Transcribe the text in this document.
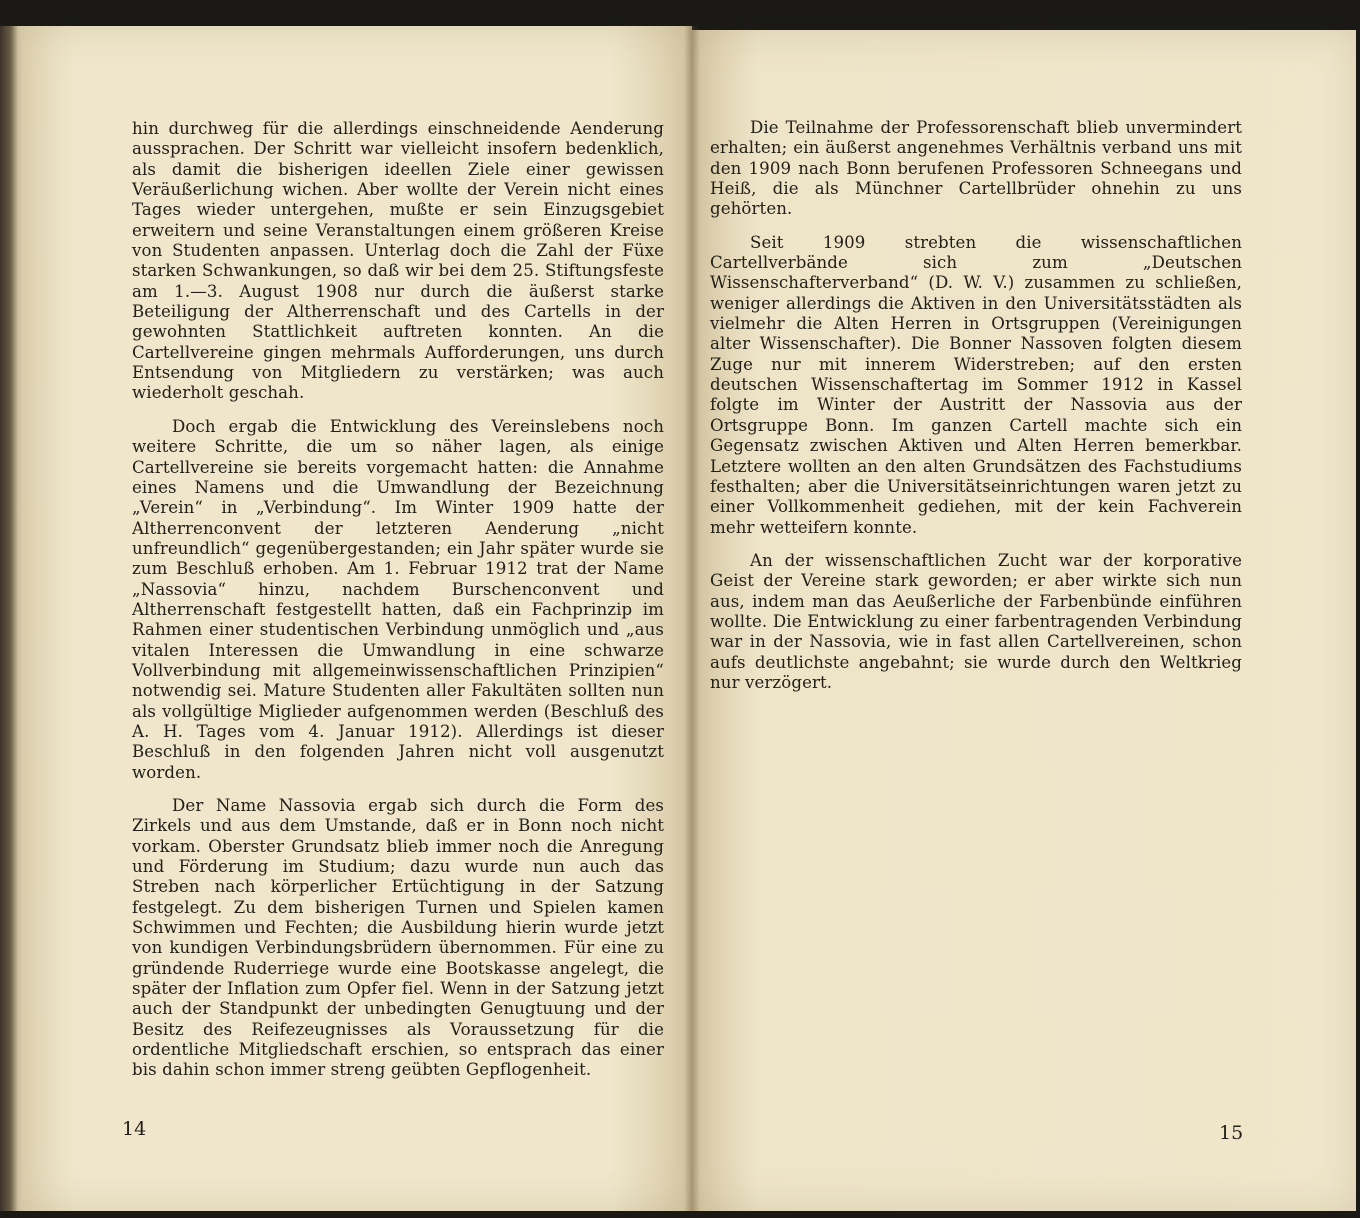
hin durchweg für die allerdings einschneidende Aenderung aussprachen. Der Schritt war vielleicht insofern bedenklich, als damit die bisherigen ideellen Ziele einer gewissen Veräußerlichung wichen. Aber wollte der Verein nicht eines Tages wieder untergehen, mußte er sein Einzugsgebiet erweitern und seine Veranstaltungen einem größeren Kreise von Studenten anpassen. Unterlag doch die Zahl der Füxe starken Schwankungen, so daß wir bei dem 25. Stiftungsfeste am 1.—3. August 1908 nur durch die äußerst starke Beteiligung der Altherrenschaft und des Cartells in der gewohnten Stattlichkeit auftreten konnten. An die Cartellvereine gingen mehrmals Aufforderungen, uns durch Entsendung von Mitgliedern zu verstärken; was auch wiederholt geschah.

Doch ergab die Entwicklung des Vereinslebens noch weitere Schritte, die um so näher lagen, als einige Cartellvereine sie bereits vorgemacht hatten: die Annahme eines Namens und die Umwandlung der Bezeichnung „Verein“ in „Verbindung“. Im Winter 1909 hatte der Altherrenconvent der letzteren Aenderung „nicht unfreundlich“ gegenübergestanden; ein Jahr später wurde sie zum Beschluß erhoben. Am 1. Februar 1912 trat der Name „Nassovia“ hinzu, nachdem Burschenconvent und Altherrenschaft festgestellt hatten, daß ein Fachprinzip im Rahmen einer studentischen Verbindung unmöglich und „aus vitalen Interessen die Umwandlung in eine schwarze Vollverbindung mit allgemeinwissenschaftlichen Prinzipien“ notwendig sei. Mature Studenten aller Fakultäten sollten nun als vollgültige Miglieder aufgenommen werden (Beschluß des A. H. Tages vom 4. Januar 1912). Allerdings ist dieser Beschluß in den folgenden Jahren nicht voll ausgenutzt worden.

Der Name Nassovia ergab sich durch die Form des Zirkels und aus dem Umstande, daß er in Bonn noch nicht vorkam. Oberster Grundsatz blieb immer noch die Anregung und Förderung im Studium; dazu wurde nun auch das Streben nach körperlicher Ertüchtigung in der Satzung festgelegt. Zu dem bisherigen Turnen und Spielen kamen Schwimmen und Fechten; die Ausbildung hierin wurde jetzt von kundigen Verbindungsbrüdern übernommen. Für eine zu gründende Ruderriege wurde eine Bootskasse angelegt, die später der Inflation zum Opfer fiel. Wenn in der Satzung jetzt auch der Standpunkt der unbedingten Genugtuung und der Besitz des Reifezeugnisses als Voraussetzung für die ordentliche Mitgliedschaft erschien, so entsprach das einer bis dahin schon immer streng geübten Gepflogenheit.

14

Die Teilnahme der Professorenschaft blieb unvermindert erhalten; ein äußerst angenehmes Verhältnis verband uns mit den 1909 nach Bonn berufenen Professoren Schneegans und Heiß, die als Münchner Cartellbrüder ohnehin zu uns gehörten.

Seit 1909 strebten die wissenschaftlichen Cartellverbände sich zum „Deutschen Wissenschafterverband“ (D. W. V.) zusammen zu schließen, weniger allerdings die Aktiven in den Universitätsstädten als vielmehr die Alten Herren in Ortsgruppen (Vereinigungen alter Wissenschafter). Die Bonner Nassoven folgten diesem Zuge nur mit innerem Widerstreben; auf den ersten deutschen Wissenschaftertag im Sommer 1912 in Kassel folgte im Winter der Austritt der Nassovia aus der Ortsgruppe Bonn. Im ganzen Cartell machte sich ein Gegensatz zwischen Aktiven und Alten Herren bemerkbar. Letztere wollten an den alten Grundsätzen des Fachstudiums festhalten; aber die Universitätseinrichtungen waren jetzt zu einer Vollkommenheit gediehen, mit der kein Fachverein mehr wetteifern konnte.

An der wissenschaftlichen Zucht war der korporative Geist der Vereine stark geworden; er aber wirkte sich nun aus, indem man das Aeußerliche der Farbenbünde einführen wollte. Die Entwicklung zu einer farbentragenden Verbindung war in der Nassovia, wie in fast allen Cartellvereinen, schon aufs deutlichste angebahnt; sie wurde durch den Weltkrieg nur verzögert.

15
